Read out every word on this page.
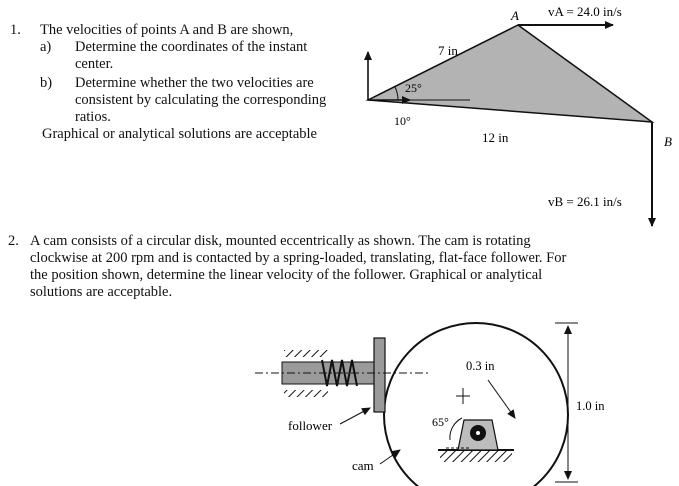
1. The velocities of points A and B are shown,
a) Determine the coordinates of the instant
center.
b) Determine whether the two velocities are
consistent by calculating the corresponding
ratios.
Graphical or analytical solutions are acceptable
A
B
vA = 24.0 in/s
vB = 26.1 in/s
7 in
12 in
25°
10°
2. A cam consists of a circular disk, mounted eccentrically as shown. The cam is rotating
clockwise at 200 rpm and is contacted by a spring-loaded, translating, flat-face follower. For
the position shown, determine the linear velocity of the follower. Graphical or analytical
solutions are acceptable.
follower
cam
0.3 in
1.0 in
65°
